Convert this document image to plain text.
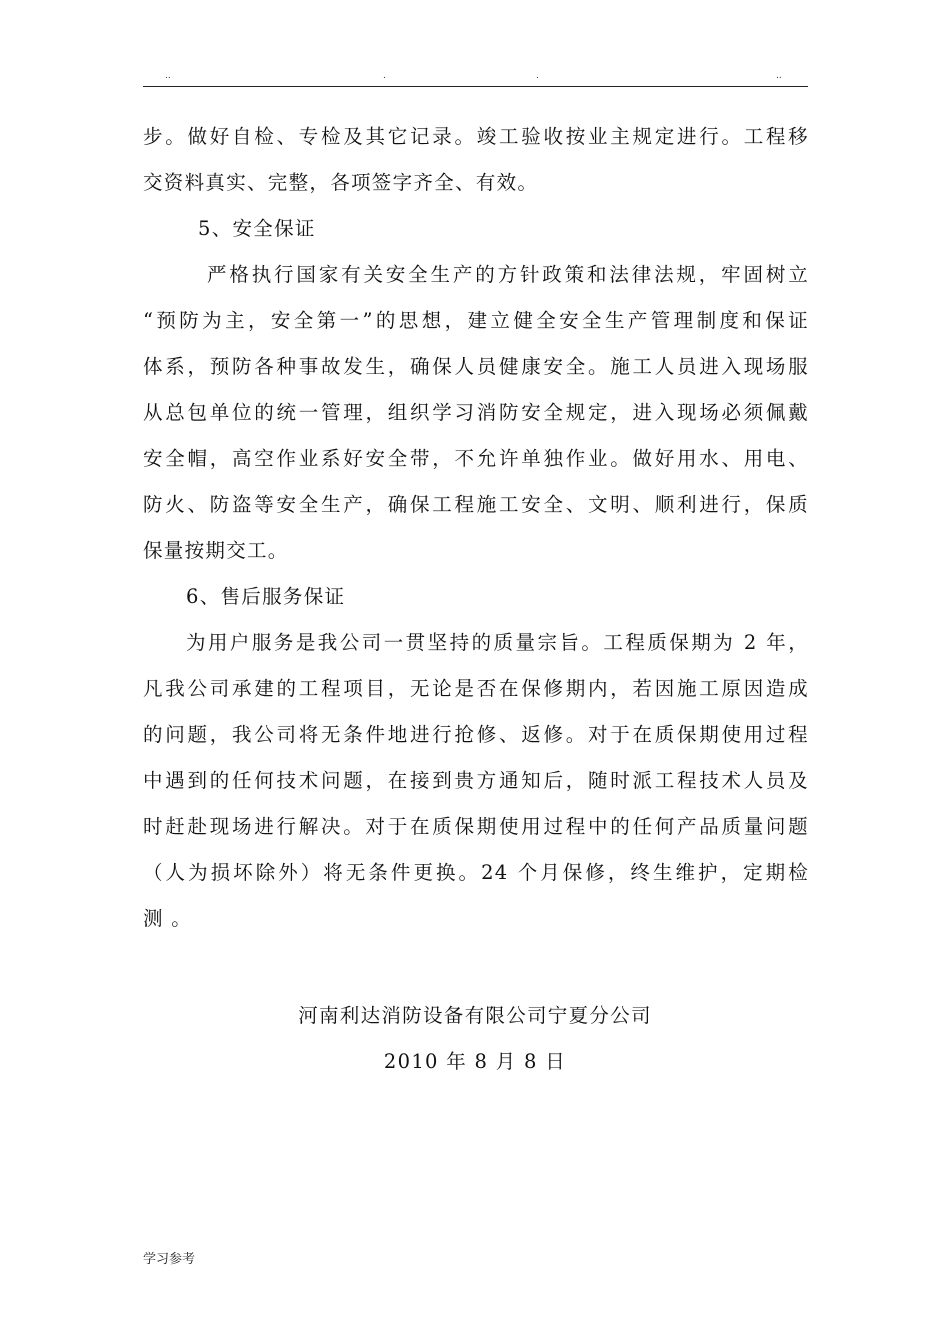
..	.	.	..

步。做好自检、专检及其它记录。竣工验收按业主规定进行。工程移

交资料真实、完整，各项签字齐全、有效。

5、安全保证

严格执行国家有关安全生产的方针政策和法律法规，牢固树立

“预防为主，安全第一”的思想，建立健全安全生产管理制度和保证

体系，预防各种事故发生，确保人员健康安全。施工人员进入现场服

从总包单位的统一管理，组织学习消防安全规定，进入现场必须佩戴

安全帽，高空作业系好安全带，不允许单独作业。做好用水、用电、

防火、防盗等安全生产，确保工程施工安全、文明、顺利进行，保质

保量按期交工。

6、售后服务保证

为用户服务是我公司一贯坚持的质量宗旨。工程质保期为 2 年，

凡我公司承建的工程项目，无论是否在保修期内，若因施工原因造成

的问题，我公司将无条件地进行抢修、返修。对于在质保期使用过程

中遇到的任何技术问题，在接到贵方通知后，随时派工程技术人员及

时赶赴现场进行解决。对于在质保期使用过程中的任何产品质量问题

（人为损坏除外）将无条件更换。24 个月保修，终生维护，定期检

测 。

河南利达消防设备有限公司宁夏分公司
2010 年 8 月 8 日
学习参考
